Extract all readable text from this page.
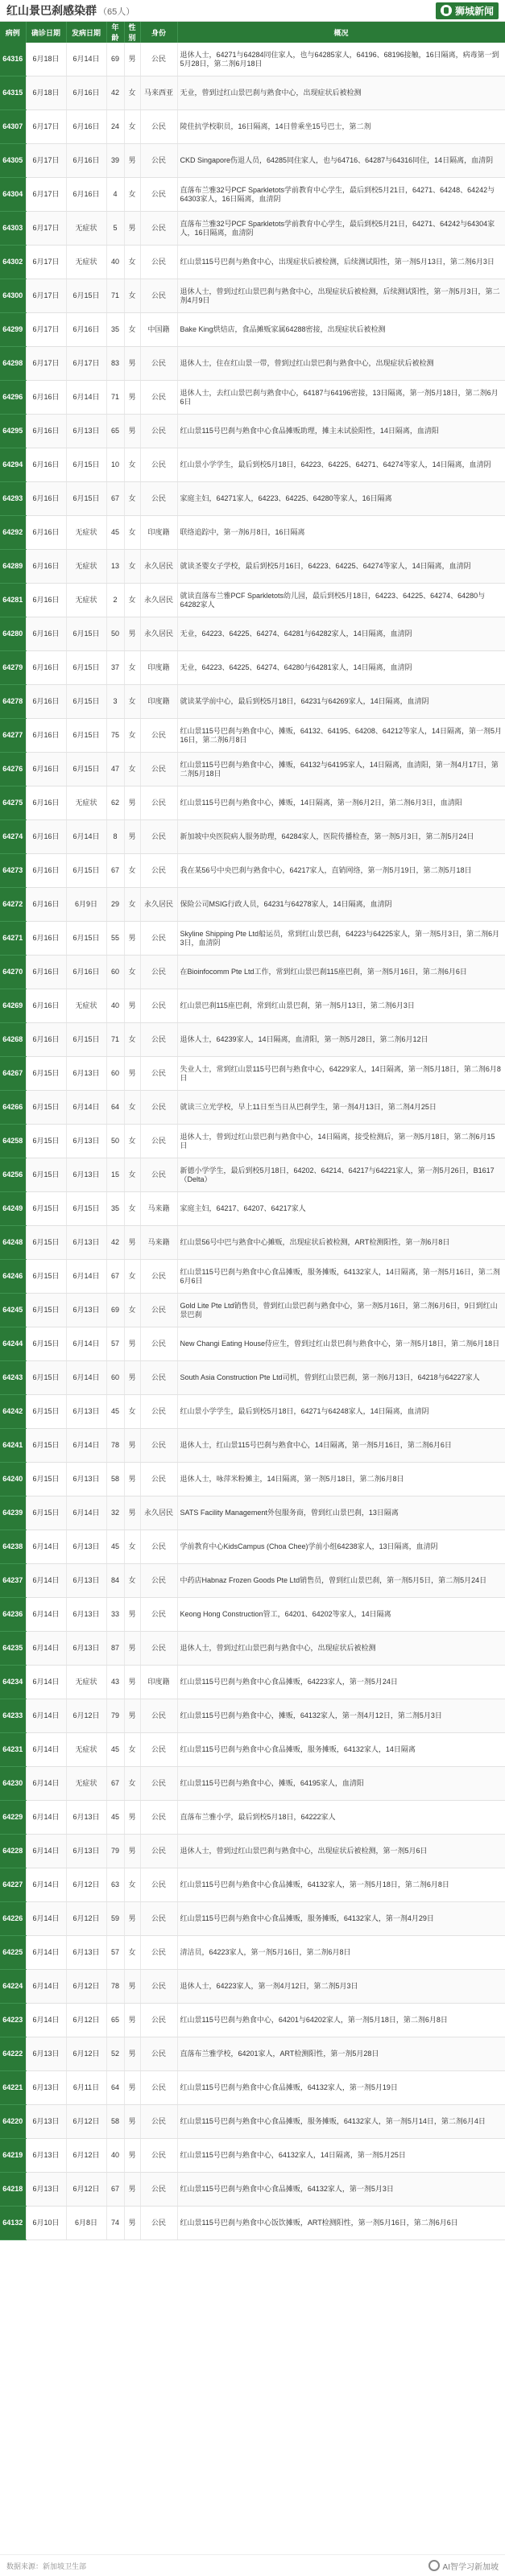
红山景巴刹感染群 （65人）	狮城新闻
病例	确诊日期	发病日期	年龄	性别	身份	概况
64316	6月18日	6月14日	69	男	公民	退休人士，64271与64284同住家人，也与64285家人，64196、68196接触，16日隔离，病毒第一到5月28日，第二剂6月18日

64315	6月18日	6月16日	42	女	马来西亚	无业，曾到过红山景巴刹与熟食中心，出现症状后被检测

64307	6月17日	6月16日	24	女	公民	陵佳抗学校职员，16日隔离，14日曾乘坐15号巴士，第二剂

64305	6月17日	6月16日	39	男	公民	CKD Singapore伤退人员，64285同住家人，也与64716、64287与64316同住，14日隔离，血清阴

64304	6月17日	6月16日	4	女	公民	直落布兰雅32号PCF Sparkletots学前教育中心学生，最后到校5月21日，64271、64248、64242与64303家人，16日隔离，血清阴

64303	6月17日	无症状	5	男	公民	直落布兰雅32号PCF Sparkletots学前教育中心学生，最后到校5月21日，64271、64242与64304家人，16日隔离，血清阴

64302	6月17日	无症状	40	女	公民	红山景115号巴刹与熟食中心，出现症状后被检测，后续测试阳性，第一剂5月13日，第二剂6月3日

64300	6月17日	6月15日	71	女	公民	退休人士，曾到过红山景巴刹与熟食中心，出现症状后被检测，后续测试阳性，第一剂5月3日，第二剂4月9日

64299	6月17日	6月16日	35	女	中国籍	Bake King烘焙店，食品摊贩家属64288密接，出现症状后被检测

64298	6月17日	6月17日	83	男	公民	退休人士，住在红山景一带，曾到过红山景巴刹与熟食中心，出现症状后被检测

64296	6月16日	6月14日	71	男	公民	退休人士，去红山景巴刹与熟食中心，64187与64196密接，13日隔离，第一剂5月18日，第二剂6月6日

64295	6月16日	6月13日	65	男	公民	红山景115号巴刹与熟食中心食品摊贩助理，摊主未试验阳性，14日隔离，血清阳

64294	6月16日	6月15日	10	女	公民	红山景小学学生，最后到校5月18日，64223、64225、64271、64274等家人，14日隔离，血清阴

64293	6月16日	6月15日	67	女	公民	家庭主妇，64271家人，64223、64225、64280等家人，16日隔离

64292	6月16日	无症状	45	女	印度籍	联络追踪中，第一剂6月8日，16日隔离

64289	6月16日	无症状	13	女	永久居民	就读圣婴女子学校，最后到校5月16日，64223、64225、64274等家人，14日隔离，血清阴

64281	6月16日	无症状	2	女	永久居民	就读直落布兰雅PCF Sparkletots幼儿园，最后到校5月18日，64223、64225、64274、64280与64282家人

64280	6月16日	6月15日	50	男	永久居民	无业，64223、64225、64274、64281与64282家人，14日隔离，血清阴

64279	6月16日	6月15日	37	女	印度籍	无业，64223、64225、64274、64280与64281家人，14日隔离，血清阴

64278	6月16日	6月15日	3	女	印度籍	就读某学前中心，最后到校5月18日，64231与64269家人，14日隔离，血清阴

64277	6月16日	6月15日	75	女	公民	红山景115号巴刹与熟食中心，摊贩，64132、64195、64208、64212等家人，14日隔离，第一剂5月16日，第二剂6月8日

64276	6月16日	6月15日	47	女	公民	红山景115号巴刹与熟食中心，摊贩，64132与64195家人，14日隔离，血清阳，第一剂4月17日，第二剂5月18日

64275	6月16日	无症状	62	男	公民	红山景115号巴刹与熟食中心，摊贩，14日隔离，第一剂6月2日，第二剂6月3日，血清阳

64274	6月16日	6月14日	8	男	公民	新加坡中央医院病人服务助理，64284家人，医院传播检查，第一剂5月3日，第二剂5月24日

64273	6月16日	6月15日	67	女	公民	我在某56号中央巴刹与熟食中心，64217家人，直销网络，第一剂5月19日，第二剂5月18日

64272	6月16日	6月9日	29	女	永久居民	保险公司MSIG行政人员，64231与64278家人，14日隔离，血清阴

64271	6月16日	6月15日	55	男	公民	Skyline Shipping Pte Ltd船运员，常到红山景巴刹，64223与64225家人，第一剂5月3日，第二剂6月3日，血清阴

64270	6月16日	6月16日	60	女	公民	在Bioinfocomm Pte Ltd工作，常到红山景巴刹115座巴刹，第一剂5月16日，第二剂6月6日

64269	6月16日	无症状	40	男	公民	红山景巴刹115座巴刹，常到红山景巴刹，第一剂5月13日，第二剂6月3日

64268	6月16日	6月15日	71	女	公民	退休人士，64239家人，14日隔离，血清阳，第一剂5月28日，第二剂6月12日

64267	6月15日	6月13日	60	男	公民	失业人士，常到红山景115号巴刹与熟食中心，64229家人，14日隔离，第一剂5月18日，第二剂6月8日

64266	6月15日	6月14日	64	女	公民	就读三立光学校，早上11日至当日从巴刹学生，第一剂4月13日，第二剂4月25日

64258	6月15日	6月13日	50	女	公民	退休人士，曾到过红山景巴刹与熟食中心，14日隔离，接受检测后，第一剂5月18日，第二剂6月15日

64256	6月15日	6月13日	15	女	公民	新德小学学生，最后到校5月18日，64202、64214、64217与64221家人，第一剂5月26日，B1617（Delta）

64249	6月15日	6月15日	35	女	马来籍	家庭主妇，64217、64207、64217家人

64248	6月15日	6月13日	42	男	马来籍	红山景56号中巴与熟食中心摊贩，出现症状后被检测，ART检测阳性，第一剂6月8日

64246	6月15日	6月14日	67	女	公民	红山景115号巴刹与熟食中心食品摊贩，服务摊贩，64132家人，14日隔离，第一剂5月16日，第二剂6月6日

64245	6月15日	6月13日	69	女	公民	Gold Lite Pte Ltd销售员，曾到红山景巴刹与熟食中心，第一剂5月16日，第二剂6月6日，9日到红山景巴刹

64244	6月15日	6月14日	57	男	公民	New Changi Eating House侍应生，曾到过红山景巴刹与熟食中心，第一剂5月18日，第二剂6月18日

64243	6月15日	6月14日	60	男	公民	South Asia Construction Pte Ltd司机，曾到红山景巴刹，第一剂6月13日，64218与64227家人

64242	6月15日	6月13日	45	女	公民	红山景小学学生，最后到校5月18日，64271与64248家人，14日隔离，血清阴

64241	6月15日	6月14日	78	男	公民	退休人士，红山景115号巴刹与熟食中心，14日隔离，第一剂5月16日，第二剂6月6日

64240	6月15日	6月13日	58	男	公民	退休人士，咏萍米粉摊主，14日隔离，第一剂5月18日，第二剂6月8日

64239	6月15日	6月14日	32	男	永久居民	SATS Facility Management外包服务商，曾到红山景巴刹，13日隔离

64238	6月14日	6月13日	45	女	公民	学前教育中心KidsCampus (Choa Chee)学前小组64238家人，13日隔离，血清阴

64237	6月14日	6月13日	84	女	公民	中药店Habnaz Frozen Goods Pte Ltd销售员，曾到红山景巴刹，第一剂5月5日，第二剂5月24日

64236	6月14日	6月13日	33	男	公民	Keong Hong Construction管工，64201、64202等家人，14日隔离

64235	6月14日	6月13日	87	男	公民	退休人士，曾到过红山景巴刹与熟食中心，出现症状后被检测

64234	6月14日	无症状	43	男	印度籍	红山景115号巴刹与熟食中心食品摊贩，64223家人，第一剂5月24日

64233	6月14日	6月12日	79	男	公民	红山景115号巴刹与熟食中心，摊贩，64132家人，第一剂4月12日，第二剂5月3日

64231	6月14日	无症状	45	女	公民	红山景115号巴刹与熟食中心食品摊贩，服务摊贩，64132家人，14日隔离

64230	6月14日	无症状	67	女	公民	红山景115号巴刹与熟食中心，摊贩，64195家人，血清阳

64229	6月14日	6月13日	45	男	公民	直落布兰雅小学，最后到校5月18日，64222家人

64228	6月14日	6月13日	79	男	公民	退休人士，曾到过红山景巴刹与熟食中心，出现症状后被检测，第一剂5月6日

64227	6月14日	6月12日	63	女	公民	红山景115号巴刹与熟食中心食品摊贩，64132家人，第一剂5月18日，第二剂6月8日

64226	6月14日	6月12日	59	男	公民	红山景115号巴刹与熟食中心食品摊贩，服务摊贩，64132家人，第一剂4月29日

64225	6月14日	6月13日	57	女	公民	清洁员，64223家人，第一剂5月16日，第二剂6月8日

64224	6月14日	6月12日	78	男	公民	退休人士，64223家人，第一剂4月12日，第二剂5月3日

64223	6月14日	6月12日	65	男	公民	红山景115号巴刹与熟食中心，64201与64202家人，第一剂5月18日，第二剂6月8日

64222	6月13日	6月12日	52	男	公民	直落布兰雅学校，64201家人，ART检测阳性，第一剂5月28日

64221	6月13日	6月11日	64	男	公民	红山景115号巴刹与熟食中心食品摊贩，64132家人，第一剂5月19日

64220	6月13日	6月12日	58	男	公民	红山景115号巴刹与熟食中心食品摊贩，服务摊贩，64132家人，第一剂5月14日，第二剂6月4日

64219	6月13日	6月12日	40	男	公民	红山景115号巴刹与熟食中心，64132家人，14日隔离，第一剂5月25日

64218	6月13日	6月12日	67	男	公民	红山景115号巴刹与熟食中心食品摊贩，64132家人，第一剂5月3日

64132	6月10日	6月8日	74	男	公民	红山景115号巴刹与熟食中心饭饮摊贩，ART检测阳性，第一剂5月16日，第二剂6月6日
数据来源：新加坡卫生部	AI智学习新加坡
